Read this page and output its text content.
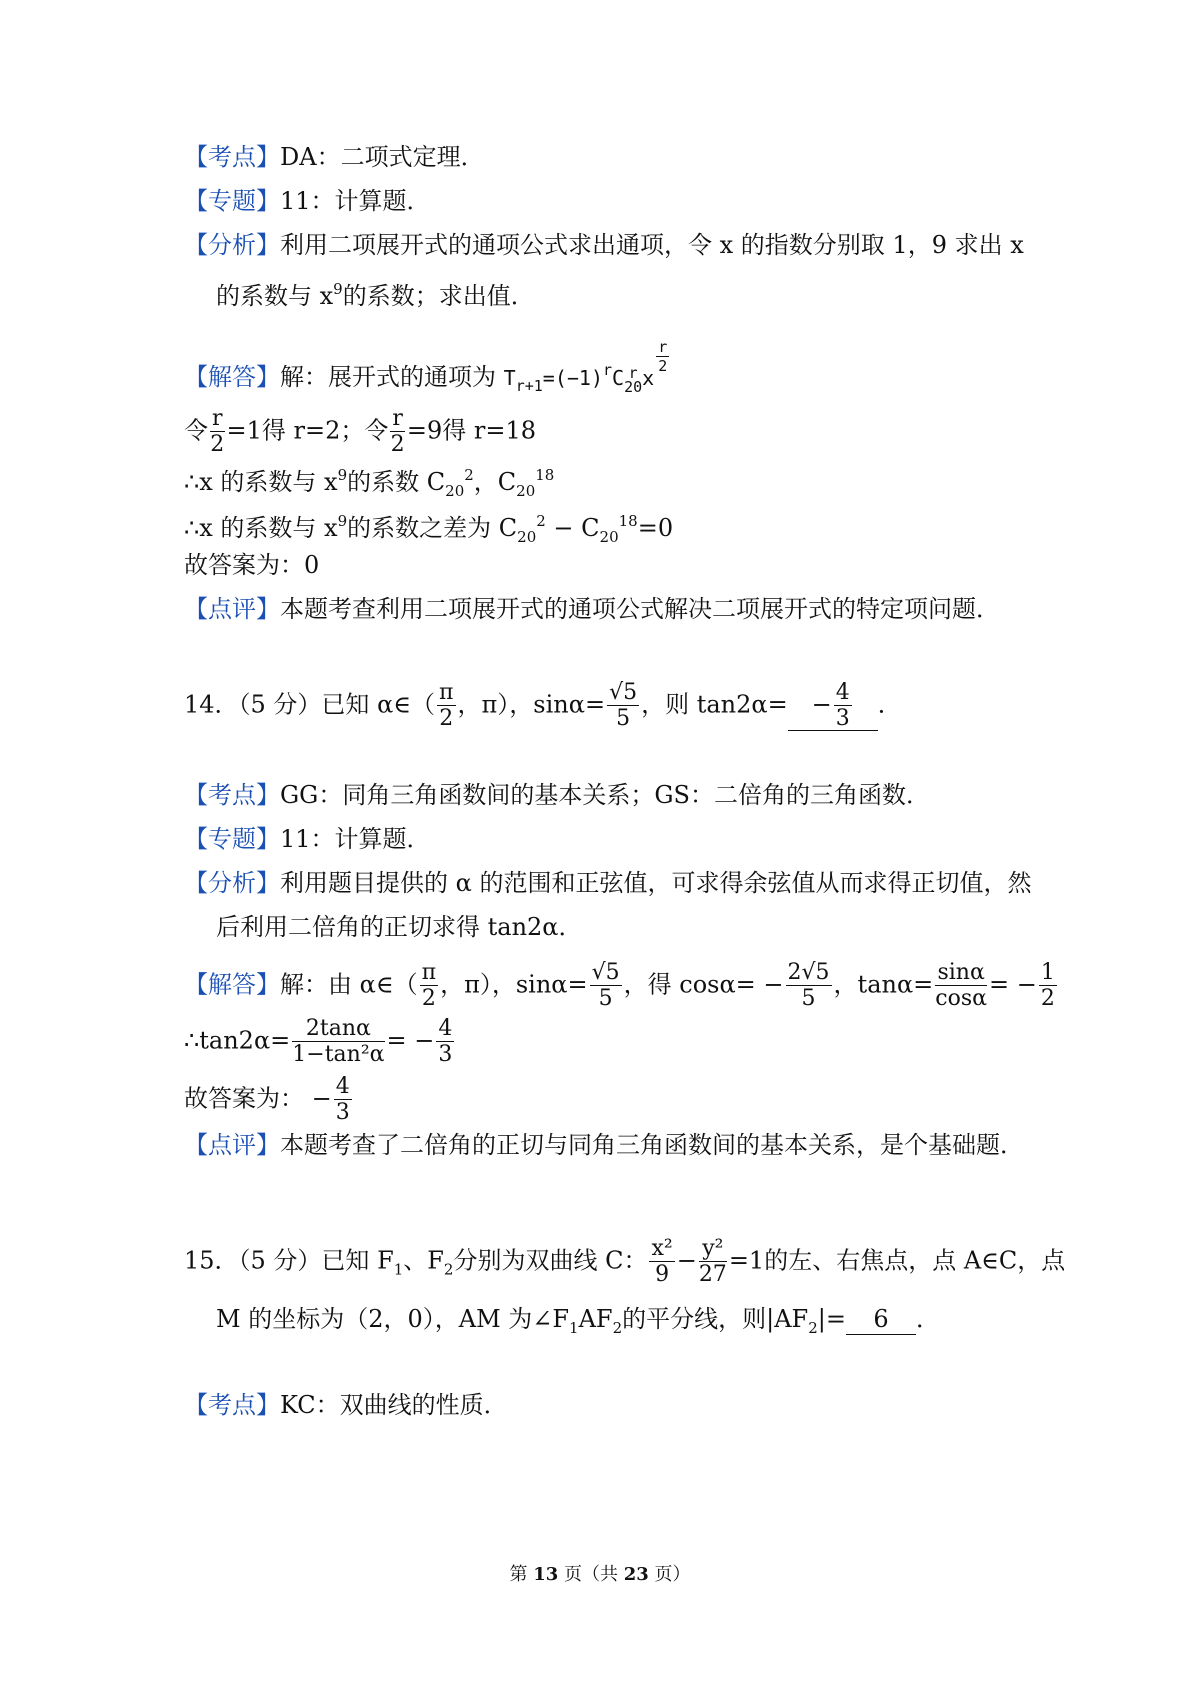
【考点】DA：二项式定理．
【专题】11：计算题．
【分析】利用二项展开式的通项公式求出通项，令 x 的指数分别取 1，9 求出 x
的系数与 $x^9$的系数；求出值．
【解答】解：展开式的通项为 $T_{r+1}=(-1)^rC$ r
20 x
$\frac{r}{2}$
令 $\frac{r}{2} =1$得 r=2；令 $\frac{r}{2} =9$得 r=18
∴x 的系数与 $x^9$的系数 $C_{20}^2$，$C_{20}^{18}$
∴x 的系数与 $x^9$的系数之差为 $C_{20}^2 - C_{20}^{18}=0$
故答案为：0
【点评】本题考查利用二项展开式的通项公式解决二项展开式的特定项问题．
14．（5 分）已知 α∈（ $\frac{\pi}{2}$ ，π），$\sin\alpha= \frac{√5}{5}$ ，则 $\tan 2\alpha= - \frac{4}{3}$ ．
【考点】GG：同角三角函数间的基本关系；GS：二倍角的三角函数．
【专题】11：计算题．
【分析】利用题目提供的 α 的范围和正弦值，可求得余弦值从而求得正切值，然
后利用二倍角的正切求得 tan2α．
【解答】解：由 α∈（ $\frac{\pi}{2}$ ，π），$\sin\alpha= \frac{√5}{5}$ ，得 $\cos\alpha= - \frac{2√5}{5}$ ，$\tan\alpha= \frac{\sin\alpha}{\cos\alpha}$ = − $\frac{1}{2}$
∴tan2α= $\frac{2\tan\alpha}{\text{1−tan²α}}$ = − $\frac{4}{3}$
故答案为： − $\frac{4}{3}$
【点评】本题考查了二倍角的正切与同角三角函数间的基本关系，是个基础题．
15．（5 分）已知 $F_1$、$F_2$分别为双曲线 C： $\frac{\text{x²}}{9} - \frac{\text{y²}}{27} =1$的左、右焦点，点 A∈C，点
M 的坐标为（2，0），AM 为$\angle F_1AF_2$的平分线，则$|AF_2|= 6$ ．
【考点】KC：双曲线的性质．
第 13 页（共 23 页）
